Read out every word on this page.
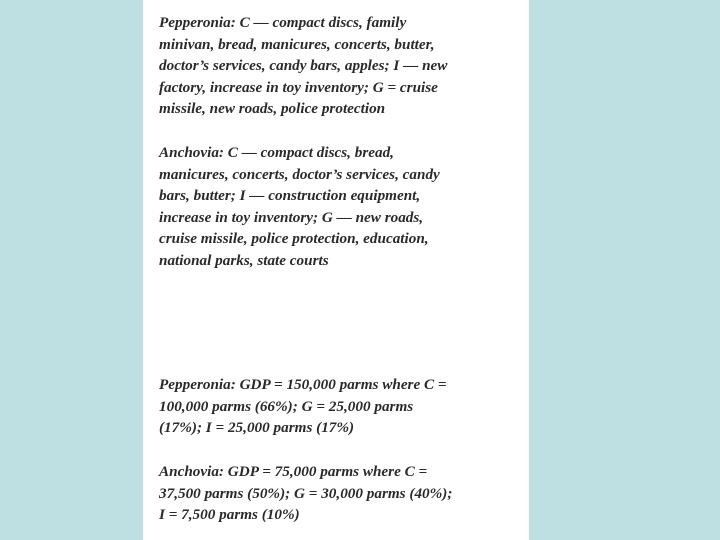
Pepperonia: C — compact discs, family
minivan, bread, manicures, concerts, butter,
doctor’s services, candy bars, apples; I — new
factory, increase in toy inventory; G = cruise
missile, new roads, police protection
Anchovia: C — compact discs, bread,
manicures, concerts, doctor’s services, candy
bars, butter; I — construction equipment,
increase in toy inventory; G — new roads,
cruise missile, police protection, education,
national parks, state courts
Pepperonia: GDP = 150,000 parms where C =
100,000 parms (66%); G = 25,000 parms
(17%); I = 25,000 parms (17%)
Anchovia: GDP = 75,000 parms where C =
37,500 parms (50%); G = 30,000 parms (40%);
I = 7,500 parms (10%)
